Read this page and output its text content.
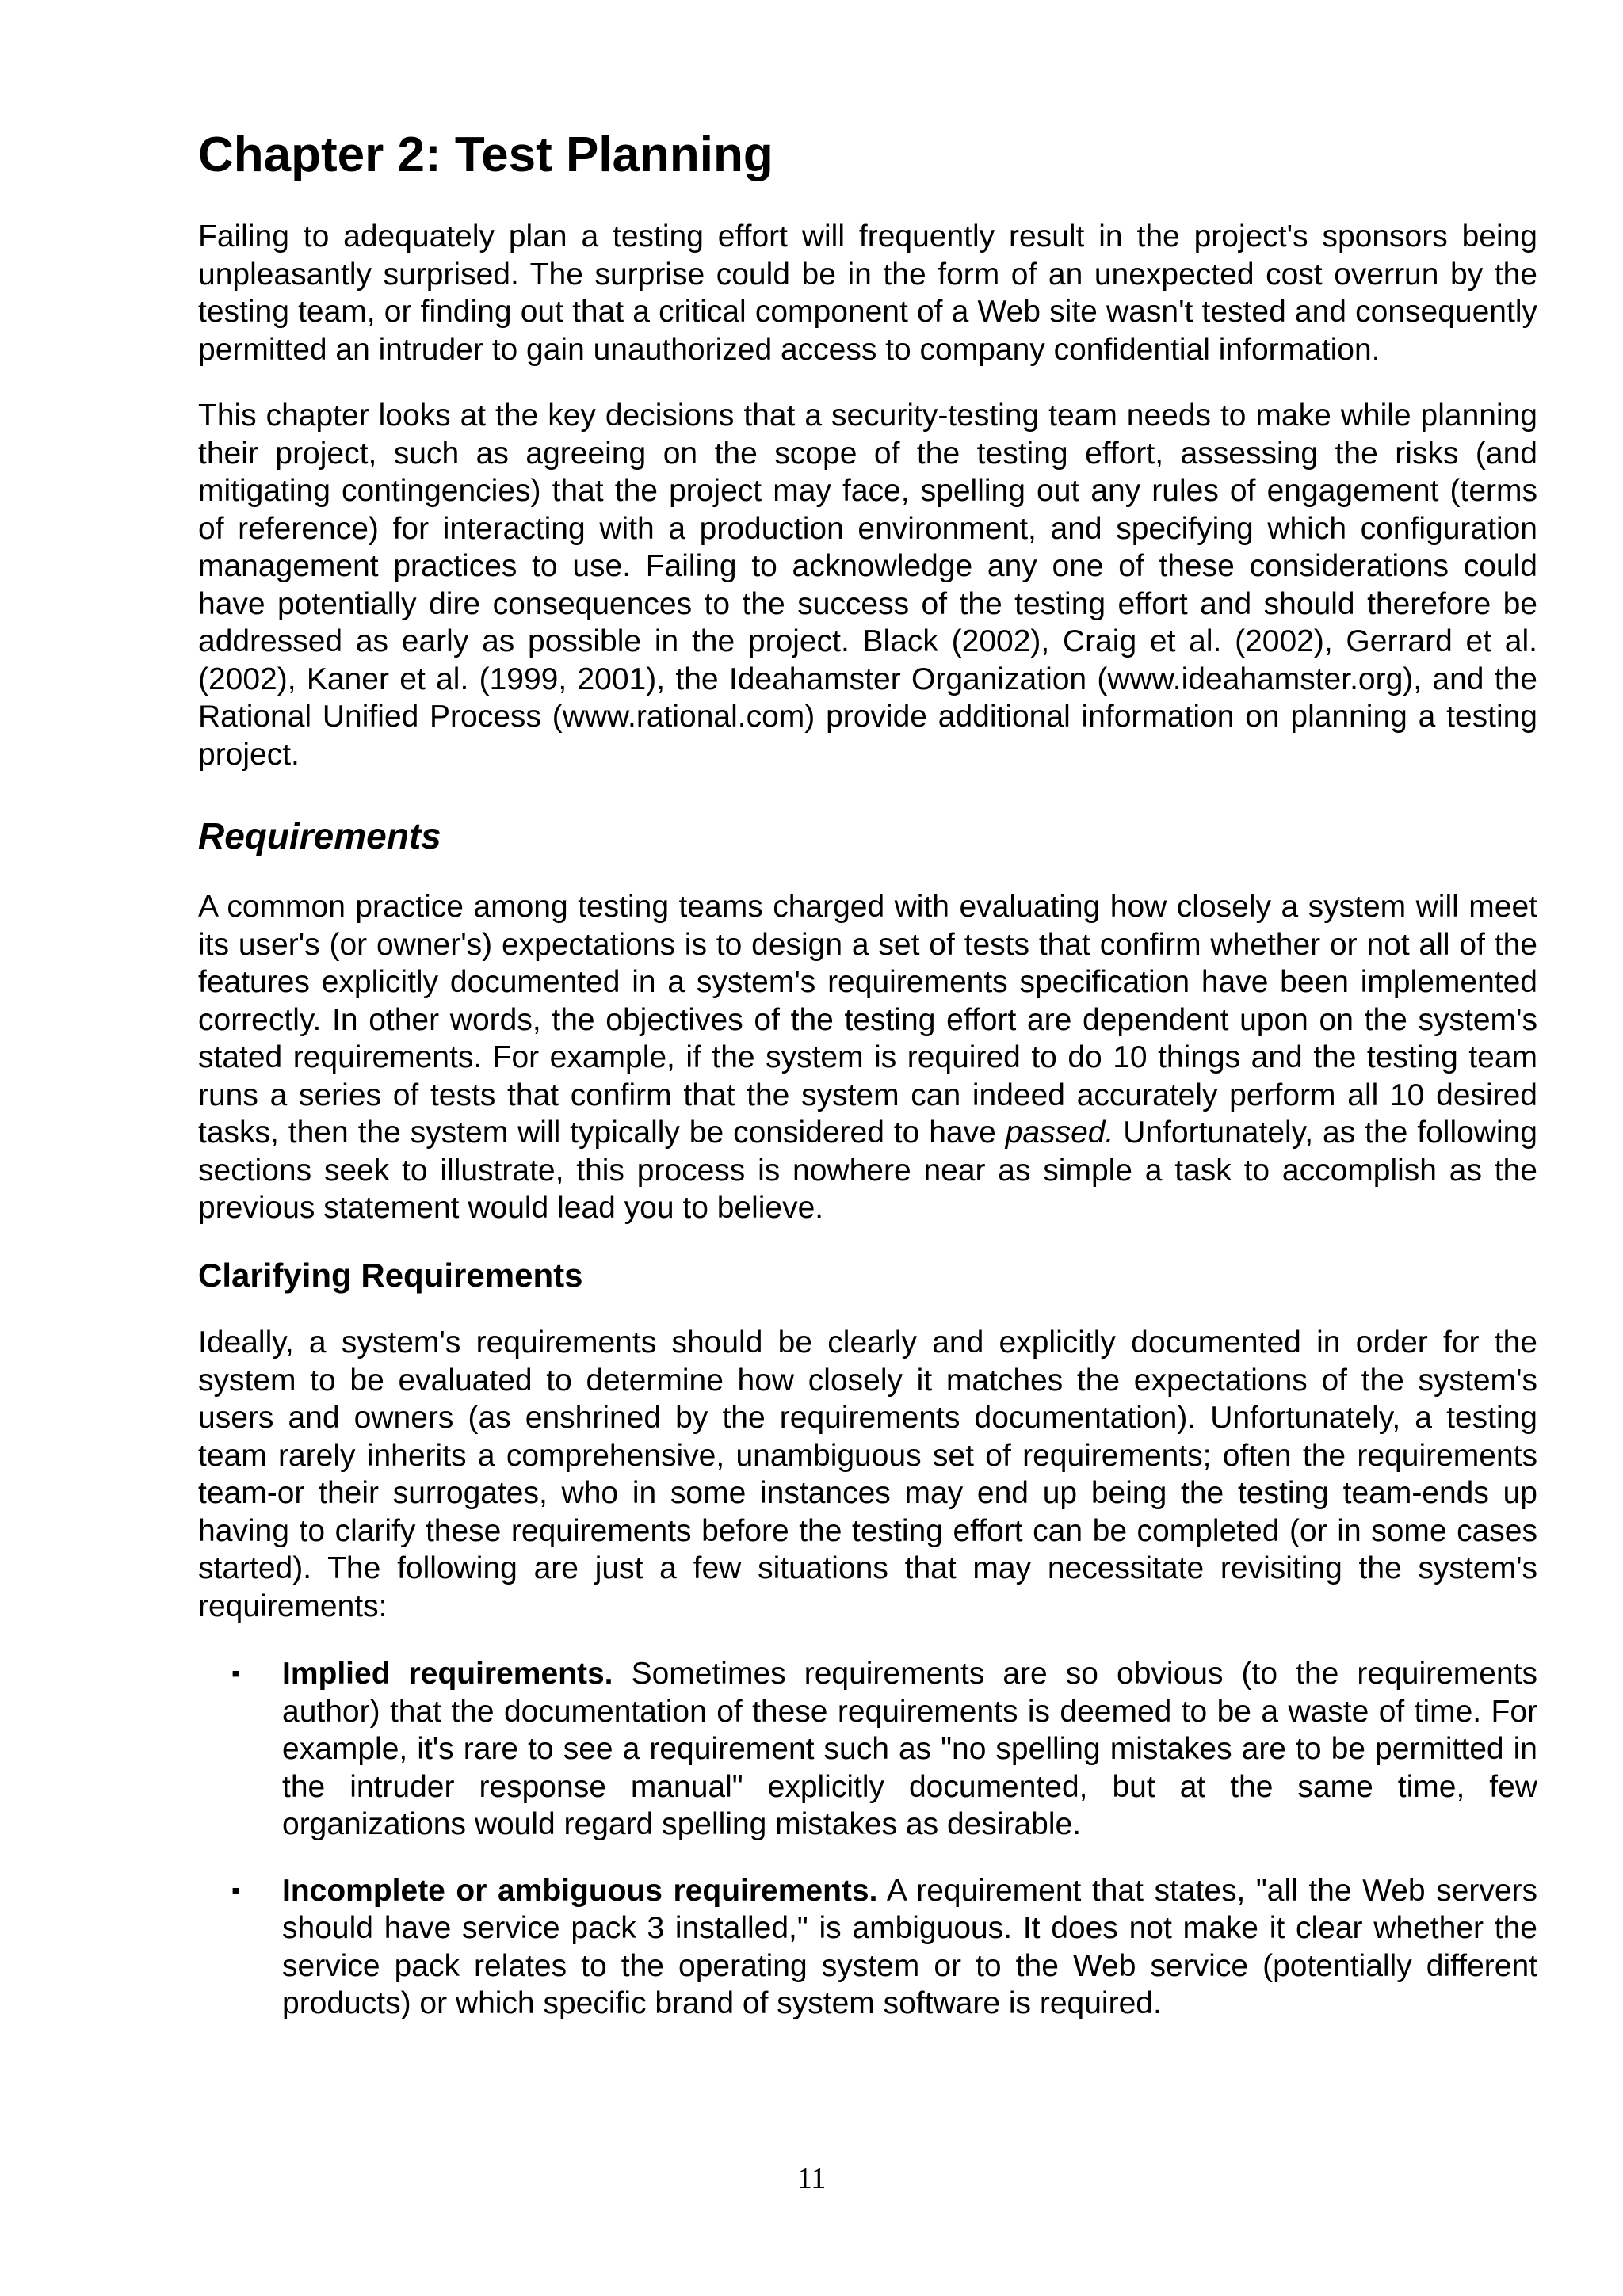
Chapter 2: Test Planning

Failing to adequately plan a testing effort will frequently result in the project's sponsors being unpleasantly surprised. The surprise could be in the form of an unexpected cost overrun by the testing team, or finding out that a critical component of a Web site wasn't tested and consequently permitted an intruder to gain unauthorized access to company confidential information.

This chapter looks at the key decisions that a security-testing team needs to make while planning their project, such as agreeing on the scope of the testing effort, assessing the risks (and mitigating contingencies) that the project may face, spelling out any rules of engagement (terms of reference) for interacting with a production environment, and specifying which configuration management practices to use. Failing to acknowledge any one of these considerations could have potentially dire consequences to the success of the testing effort and should therefore be addressed as early as possible in the project. Black (2002), Craig et al. (2002), Gerrard et al. (2002), Kaner et al. (1999, 2001), the Ideahamster Organization (www.ideahamster.org), and the Rational Unified Process (www.rational.com) provide additional information on planning a testing project.

Requirements

A common practice among testing teams charged with evaluating how closely a system will meet its user's (or owner's) expectations is to design a set of tests that confirm whether or not all of the features explicitly documented in a system's requirements specification have been implemented correctly. In other words, the objectives of the testing effort are dependent upon on the system's stated requirements. For example, if the system is required to do 10 things and the testing team runs a series of tests that confirm that the system can indeed accurately perform all 10 desired tasks, then the system will typically be considered to have passed. Unfortunately, as the following sections seek to illustrate, this process is nowhere near as simple a task to accomplish as the previous statement would lead you to believe.

Clarifying Requirements

Ideally, a system's requirements should be clearly and explicitly documented in order for the system to be evaluated to determine how closely it matches the expectations of the system's users and owners (as enshrined by the requirements documentation). Unfortunately, a testing team rarely inherits a comprehensive, unambiguous set of requirements; often the requirements team-or their surrogates, who in some instances may end up being the testing team-ends up having to clarify these requirements before the testing effort can be completed (or in some cases started). The following are just a few situations that may necessitate revisiting the system's requirements:

▪ Implied requirements. Sometimes requirements are so obvious (to the requirements author) that the documentation of these requirements is deemed to be a waste of time. For example, it's rare to see a requirement such as "no spelling mistakes are to be permitted in the intruder response manual" explicitly documented, but at the same time, few organizations would regard spelling mistakes as desirable.
▪ Incomplete or ambiguous requirements. A requirement that states, "all the Web servers should have service pack 3 installed," is ambiguous. It does not make it clear whether the service pack relates to the operating system or to the Web service (potentially different products) or which specific brand of system software is required.
11
